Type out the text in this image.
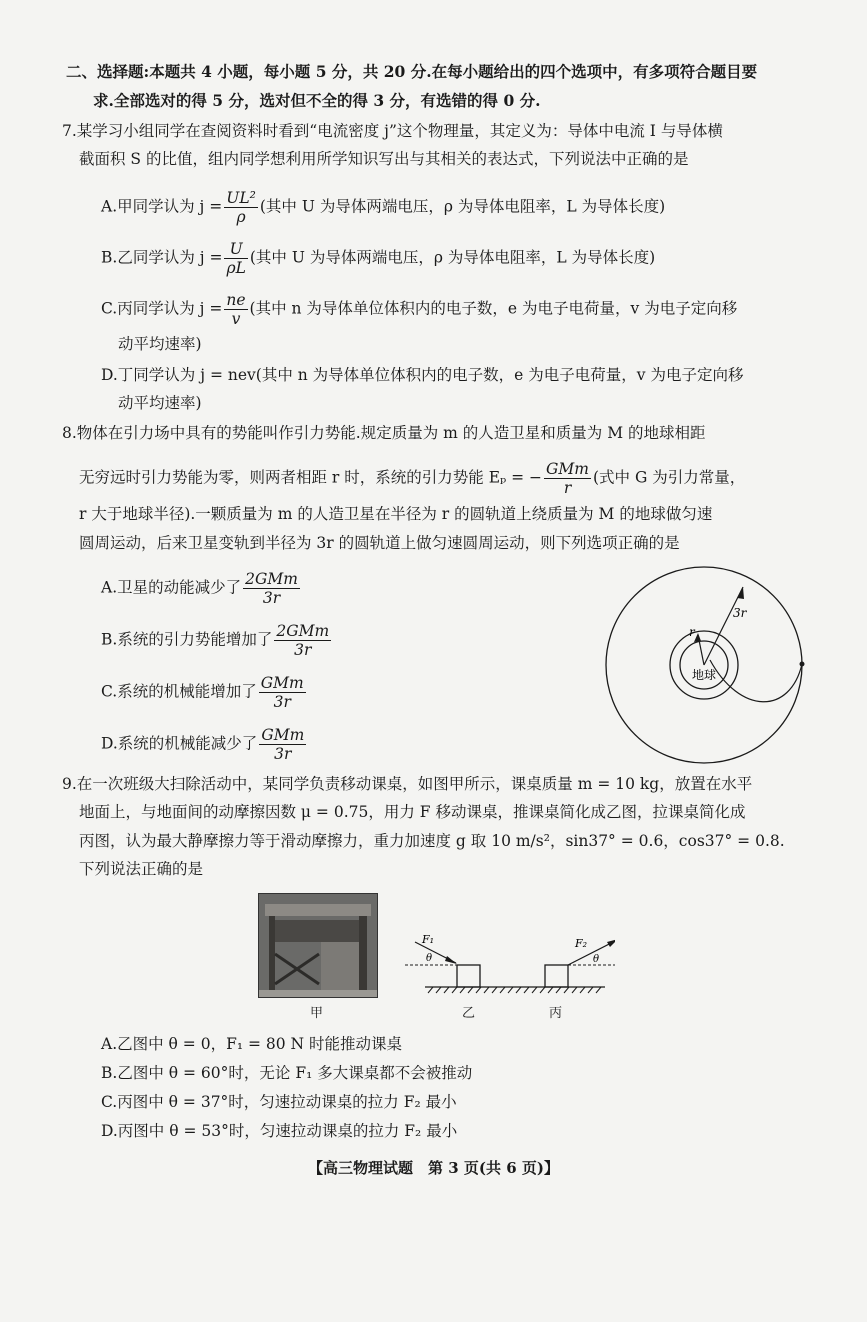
二、选择题:本题共 4 小题，每小题 5 分，共 20 分.在每小题给出的四个选项中，有多项符合题目要
求.全部选对的得 5 分，选对但不全的得 3 分，有选错的得 0 分.
7.某学习小组同学在查阅资料时看到“电流密度 j”这个物理量，其定义为：导体中电流 I 与导体横
截面积 S 的比值，组内同学想利用所学知识写出与其相关的表达式，下列说法中正确的是
A.甲同学认为 $j = \frac{\text{UL²}}{\rho}$ (其中 U 为导体两端电压，ρ 为导体电阻率，L 为导体长度)
B.乙同学认为 $j = \frac{U}{\rho L}$ (其中 U 为导体两端电压，ρ 为导体电阻率，L 为导体长度)
C.丙同学认为 $j = \frac{ne}{v}$ (其中 n 为导体单位体积内的电子数，e 为电子电荷量，v 为电子定向移
动平均速率)
D.丁同学认为 j = nev(其中 n 为导体单位体积内的电子数，e 为电子电荷量，v 为电子定向移
动平均速率)
8.物体在引力场中具有的势能叫作引力势能.规定质量为 m 的人造卫星和质量为 M 的地球相距
无穷远时引力势能为零，则两者相距 r 时，系统的引力势能 Eₚ = − $\frac{\text{GMm}}{r}$ (式中 G 为引力常量，
r 大于地球半径).一颗质量为 m 的人造卫星在半径为 r 的圆轨道上绕质量为 M 的地球做匀速
圆周运动，后来卫星变轨到半径为 3r 的圆轨道上做匀速圆周运动，则下列选项正确的是
A.卫星的动能减少了 $\frac{\text{2GMm}}{3r}$
B.系统的引力势能增加了 $\frac{\text{2GMm}}{3r}$
C.系统的机械能增加了 $\frac{\text{GMm}}{3r}$
D.系统的机械能减少了 $\frac{\text{GMm}}{3r}$
3r
r
地球
9.在一次班级大扫除活动中，某同学负责移动课桌，如图甲所示，课桌质量 m = 10 kg，放置在水平
地面上，与地面间的动摩擦因数 μ = 0.75，用力 F 移动课桌，推课桌简化成乙图，拉课桌简化成
丙图，认为最大静摩擦力等于滑动摩擦力，重力加速度 g 取 10 m/s²，sin37° = 0.6，cos37° = 0.8.
下列说法正确的是
甲
F₁
θ
F₂
θ
乙	丙
A.乙图中 θ = 0，F₁ = 80 N 时能推动课桌
B.乙图中 θ = 60°时，无论 F₁ 多大课桌都不会被推动
C.丙图中 θ = 37°时，匀速拉动课桌的拉力 F₂ 最小
D.丙图中 θ = 53°时，匀速拉动课桌的拉力 F₂ 最小
【高三物理试题　第 3 页(共 6 页)】
